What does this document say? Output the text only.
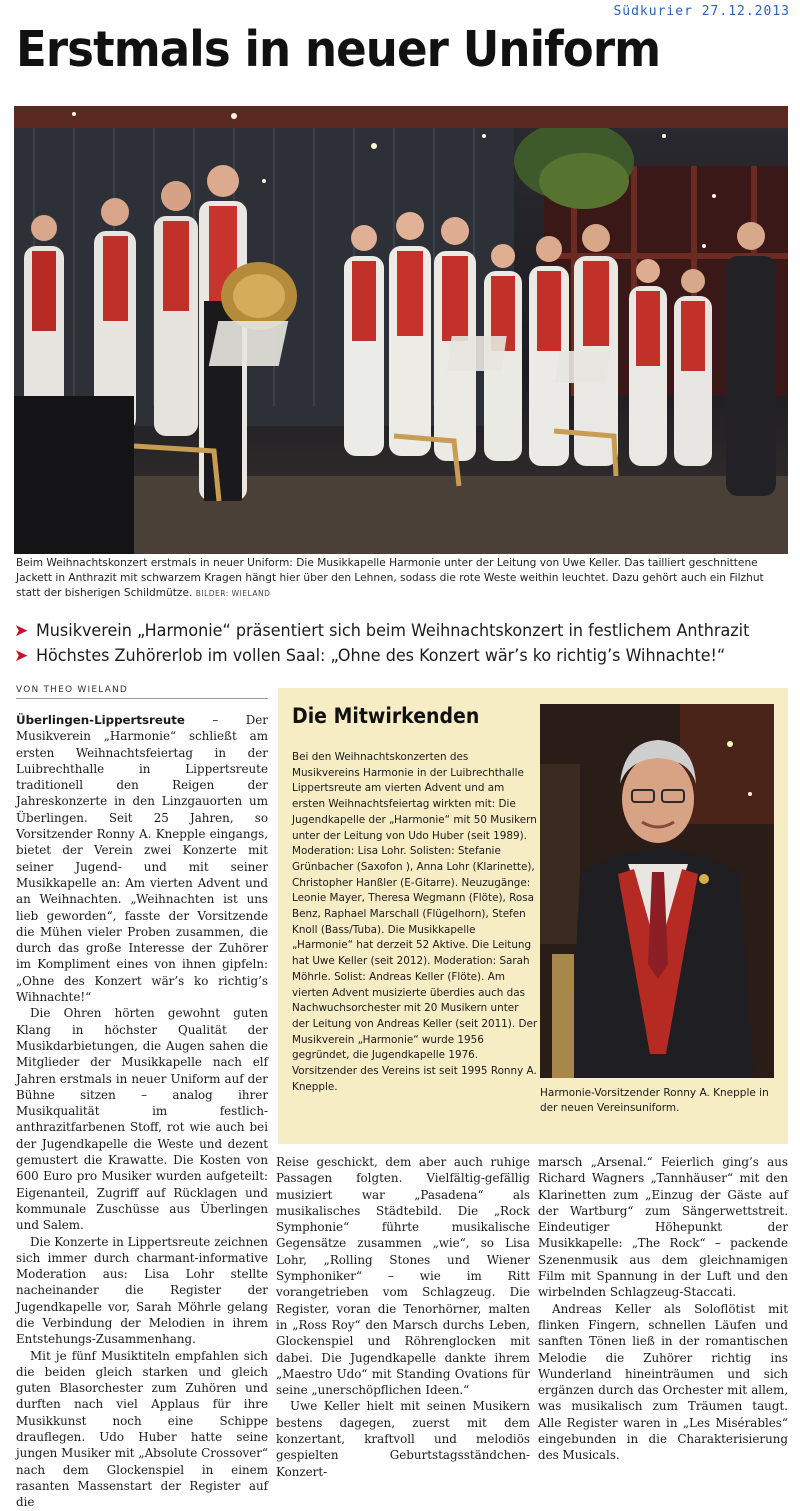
Südkurier 27.12.2013
Erstmals in neuer Uniform

Beim Weihnachtskonzert erstmals in neuer Uniform: Die Musikkapelle Harmonie unter der Leitung von Uwe Keller. Das tailliert geschnittene Jackett in Anthrazit mit schwarzem Kragen hängt hier über den Lehnen, sodass die rote Weste weithin leuchtet. Dazu gehört auch ein Filzhut statt der bisherigen Schildmütze. BILDER: WIELAND

➤ Musikverein „Harmonie“ präsentiert sich beim Weihnachtskonzert in festlichem Anthrazit
➤ Höchstes Zuhörerlob im vollen Saal: „Ohne des Konzert wär’s ko richtig’s Wihnachte!“
VON THEO WIELAND

Überlingen-Lippertsreute – Der Musikverein „Harmonie“ schließt am ersten Weihnachtsfeiertag in der Luibrechthalle in Lippertsreute traditionell den Reigen der Jahreskonzerte in den Linzgauorten um Überlingen. Seit 25 Jahren, so Vorsitzender Ronny A. Knepple eingangs, bietet der Verein zwei Konzerte mit seiner Jugend- und mit seiner Musikkapelle an: Am vierten Advent und an Weihnachten. „Weihnachten ist uns lieb geworden“, fasste der Vorsitzende die Mühen vieler Proben zusammen, die durch das große Interesse der Zuhörer im Kompliment eines von ihnen gipfeln: „Ohne des Konzert wär’s ko richtig’s Wihnachte!“

Die Ohren hörten gewohnt guten Klang in höchster Qualität der Musikdarbietungen, die Augen sahen die Mitglieder der Musikkapelle nach elf Jahren erstmals in neuer Uniform auf der Bühne sitzen – analog ihrer Musikqualität im festlich-anthrazitfarbenen Stoff, rot wie auch bei der Jugendkapelle die Weste und dezent gemustert die Krawatte. Die Kosten von 600 Euro pro Musiker wurden aufgeteilt: Eigenanteil, Zugriff auf Rücklagen und kommunale Zuschüsse aus Überlingen und Salem.

Die Konzerte in Lippertsreute zeichnen sich immer durch charmant-informative Moderation aus: Lisa Lohr stellte nacheinander die Register der Jugendkapelle vor, Sarah Möhrle gelang die Verbindung der Melodien in ihrem Entstehungs-Zusammenhang.

Mit je fünf Musiktiteln empfahlen sich die beiden gleich starken und gleich guten Blasorchester zum Zuhören und durften nach viel Applaus für ihre Musikkunst noch eine Schippe drauflegen. Udo Huber hatte seine jungen Musiker mit „Absolute Crossover“ nach dem Glockenspiel in einem rasanten Massenstart der Register auf die

Die Mitwirkenden

Bei den Weihnachtskonzerten des Musikvereins Harmonie in der Luibrechthalle Lippertsreute am vierten Advent und am ersten Weihnachtsfeiertag wirkten mit: Die Jugendkapelle der „Harmonie“ mit 50 Musikern unter der Leitung von Udo Huber (seit 1989). Moderation: Lisa Lohr. Solisten: Stefanie Grünbacher (Saxofon ), Anna Lohr (Klarinette), Christopher Hanßler (E-Gitarre). Neuzugänge: Leonie Mayer, Theresa Wegmann (Flöte), Rosa Benz, Raphael Marschall (Flügelhorn), Stefen Knoll (Bass/Tuba). Die Musikkapelle „Harmonie“ hat derzeit 52 Aktive. Die Leitung hat Uwe Keller (seit 2012). Moderation: Sarah Möhrle. Solist: Andreas Keller (Flöte). Am vierten Advent musizierte überdies auch das Nachwuchsorchester mit 20 Musikern unter der Leitung von Andreas Keller (seit 2011). Der Musikverein „Harmonie“ wurde 1956 gegründet, die Jugendkapelle 1976. Vorsitzender des Vereins ist seit 1995 Ronny A. Knepple.

Harmonie-Vorsitzender Ronny A. Knepple in der neuen Vereinsuniform.

Reise geschickt, dem aber auch ruhige Passagen folgten. Vielfältig-gefällig musiziert war „Pasadena“ als musikalisches Städtebild. Die „Rock Symphonie“ führte musikalische Gegensätze zusammen „wie“, so Lisa Lohr, „Rolling Stones und Wiener Symphoniker“ – wie im Ritt vorangetrieben vom Schlagzeug. Die Register, voran die Tenorhörner, malten in „Ross Roy“ den Marsch durchs Leben, Glockenspiel und Röhrenglocken mit dabei. Die Jugendkapelle dankte ihrem „Maestro Udo“ mit Standing Ovations für seine „unerschöpflichen Ideen.“

Uwe Keller hielt mit seinen Musikern bestens dagegen, zuerst mit dem konzertant, kraftvoll und melodiös gespielten Geburtstagsständchen-Konzert-

marsch „Arsenal.“ Feierlich ging’s aus Richard Wagners „Tannhäuser“ mit den Klarinetten zum „Einzug der Gäste auf der Wartburg“ zum Sängerwettstreit. Eindeutiger Höhepunkt der Musikkapelle: „The Rock“ – packende Szenenmusik aus dem gleichnamigen Film mit Spannung in der Luft und den wirbelnden Schlagzeug-Staccati.

Andreas Keller als Soloflötist mit flinken Fingern, schnellen Läufen und sanften Tönen ließ in der romantischen Melodie die Zuhörer richtig ins Wunderland hineinträumen und sich ergänzen durch das Orchester mit allem, was musikalisch zum Träumen taugt. Alle Register waren in „Les Misérables“ eingebunden in die Charakterisierung des Musicals.
